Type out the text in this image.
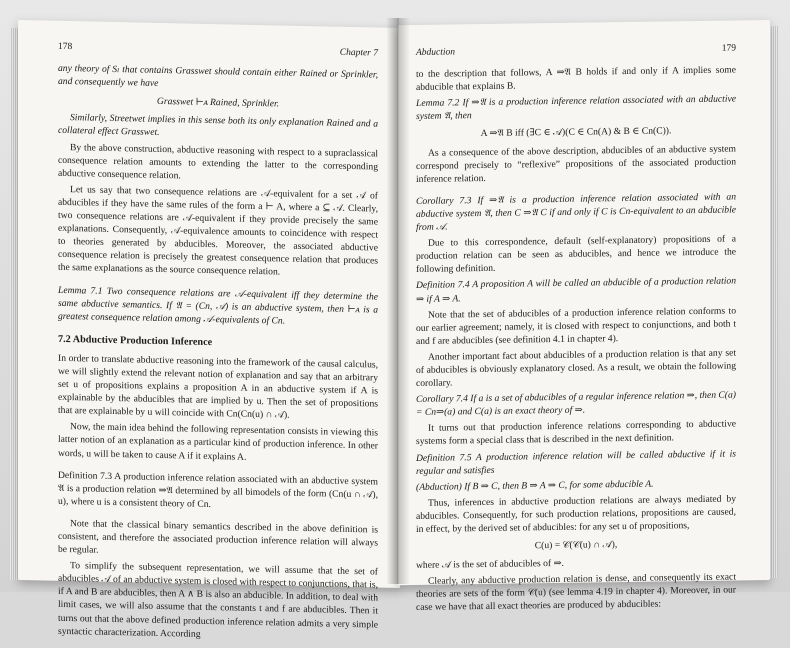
178
Chapter 7

any theory of Sₗ that contains Grasswet should contain either Rained or Sprinkler, and consequently we have

Grasswet ⊢ᴀ Rained, Sprinkler.

Similarly, Streetwet implies in this sense both its only explanation Rained and a collateral effect Grasswet.

By the above construction, abductive reasoning with respect to a supraclassical consequence relation amounts to extending the latter to the corresponding abductive consequence relation.

Let us say that two consequence relations are 𝒜-equivalent for a set 𝒜 of abducibles if they have the same rules of the form a ⊢ A, where a ⊆ 𝒜. Clearly, two consequence relations are 𝒜-equivalent if they provide precisely the same explanations. Consequently, 𝒜-equivalence amounts to coincidence with respect to theories generated by abducibles. Moreover, the associated abductive consequence relation is precisely the greatest consequence relation that produces the same explanations as the source consequence relation.

Lemma 7.1 Two consequence relations are 𝒜-equivalent iff they determine the same abductive semantics. If 𝔄 = (Cn, 𝒜) is an abductive system, then ⊢ᴀ is a greatest consequence relation among 𝒜-equivalents of Cn.

7.2 Abductive Production Inference

In order to translate abductive reasoning into the framework of the causal calculus, we will slightly extend the relevant notion of explanation and say that an arbitrary set u of propositions explains a proposition A in an abductive system if A is explainable by the abducibles that are implied by u. Then the set of propositions that are explainable by u will coincide with Cn(Cn(u) ∩ 𝒜).

Now, the main idea behind the following representation consists in viewing this latter notion of an explanation as a particular kind of production inference. In other words, u will be taken to cause A if it explains A.

Definition 7.3 A production inference relation associated with an abductive system 𝔄 is a production relation ⇒𝔄 determined by all bimodels of the form (Cn(u ∩ 𝒜), u), where u is a consistent theory of Cn.

Note that the classical binary semantics described in the above definition is consistent, and therefore the associated production inference relation will always be regular.

To simplify the subsequent representation, we will assume that the set of abducibles 𝒜 of an abductive system is closed with respect to conjunctions, that is, if A and B are abducibles, then A ∧ B is also an abducible. In addition, to deal with limit cases, we will also assume that the constants t and f are abducibles. Then it turns out that the above defined production inference relation admits a very simple syntactic characterization. According

Abduction	179

to the description that follows, A ⇒𝔄 B holds if and only if A implies some abducible that explains B.

Lemma 7.2 If ⇒𝔄 is a production inference relation associated with an abductive system 𝔄, then

A ⇒𝔄 B iff (∃C ∈ 𝒜)(C ∈ Cn(A) & B ∈ Cn(C)).

As a consequence of the above description, abducibles of an abductive system correspond precisely to “reflexive” propositions of the associated production inference relation.

Corollary 7.3 If ⇒𝔄 is a production inference relation associated with an abductive system 𝔄, then C ⇒𝔄 C if and only if C is Cn-equivalent to an abducible from 𝒜.

Due to this correspondence, default (self-explanatory) propositions of a production relation can be seen as abducibles, and hence we introduce the following definition.

Definition 7.4 A proposition A will be called an abducible of a production relation ⇒ if A ⇒ A.

Note that the set of abducibles of a production inference relation conforms to our earlier agreement; namely, it is closed with respect to conjunctions, and both t and f are abducibles (see definition 4.1 in chapter 4).

Another important fact about abducibles of a production relation is that any set of abducibles is obviously explanatory closed. As a result, we obtain the following corollary.

Corollary 7.4 If a is a set of abducibles of a regular inference relation ⇒, then C(a) = Cn⇒(a) and C(a) is an exact theory of ⇒.

It turns out that production inference relations corresponding to abductive systems form a special class that is described in the next definition.

Definition 7.5 A production inference relation will be called abductive if it is regular and satisfies

(Abduction) If B ⇒ C, then B ⇒ A ⇒ C, for some abducible A.

Thus, inferences in abductive production relations are always mediated by abducibles. Consequently, for such production relations, propositions are caused, in effect, by the derived set of abducibles: for any set u of propositions,

C(u) = 𝒞(𝒞(u) ∩ 𝒜),

where 𝒜 is the set of abducibles of ⇒.

Clearly, any abductive production relation is dense, and consequently its exact theories are sets of the form 𝒞(u) (see lemma 4.19 in chapter 4). Moreover, in our case we have that all exact theories are produced by abducibles:
